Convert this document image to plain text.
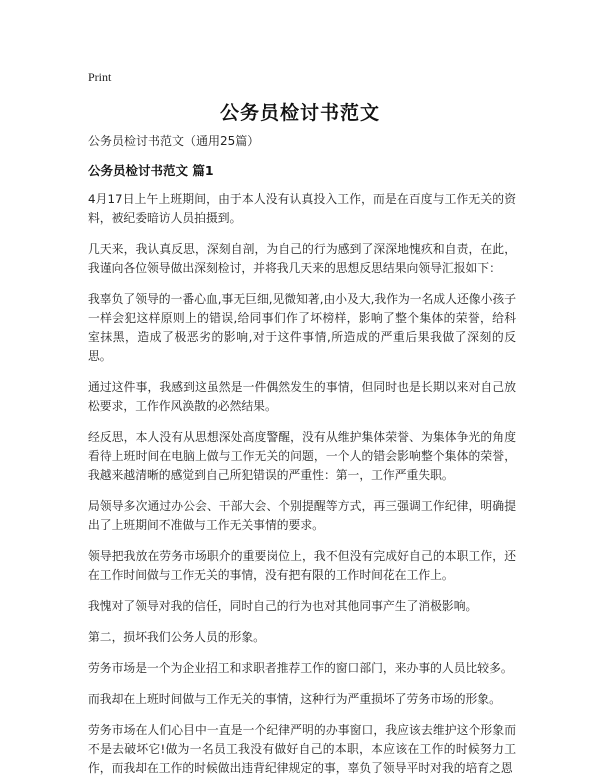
Print
公务员检讨书范文

公务员检讨书范文（通用25篇）

公务员检讨书范文 篇1

4月17日上午上班期间，由于本人没有认真投入工作，而是在百度与工作无关的资料，被纪委暗访人员拍摄到。

几天来，我认真反思，深刻自剖，为自己的行为感到了深深地愧疚和自责，在此，我谨向各位领导做出深刻检讨，并将我几天来的思想反思结果向领导汇报如下：

我辜负了领导的一番心血,事无巨细,见微知著,由小及大,我作为一名成人还像小孩子一样会犯这样原则上的错误,给同事们作了坏榜样，影响了整个集体的荣誉，给科室抹黑，造成了极恶劣的影响,对于这件事情,所造成的严重后果我做了深刻的反思。

通过这件事，我感到这虽然是一件偶然发生的事情，但同时也是长期以来对自己放松要求，工作作风涣散的必然结果。

经反思，本人没有从思想深处高度警醒，没有从维护集体荣誉、为集体争光的角度看待上班时间在电脑上做与工作无关的问题，一个人的错会影响整个集体的荣誉，我越来越清晰的感觉到自己所犯错误的严重性：第一，工作严重失职。

局领导多次通过办公会、干部大会、个别提醒等方式，再三强调工作纪律，明确提出了上班期间不准做与工作无关事情的要求。

领导把我放在劳务市场职介的重要岗位上，我不但没有完成好自己的本职工作，还在工作时间做与工作无关的事情，没有把有限的工作时间花在工作上。

我愧对了领导对我的信任，同时自己的行为也对其他同事产生了消极影响。

第二，损坏我们公务人员的形象。

劳务市场是一个为企业招工和求职者推荐工作的窗口部门，来办事的人员比较多。

而我却在上班时间做与工作无关的事情，这种行为严重损坏了劳务市场的形象。

劳务市场在人们心目中一直是一个纪律严明的办事窗口，我应该去维护这个形象而不是去破坏它!做为一名员工我没有做好自己的本职，本应该在工作的时候努力工作，而我却在工作的时候做出违背纪律规定的事，辜负了领导平时对我的培育之恩
